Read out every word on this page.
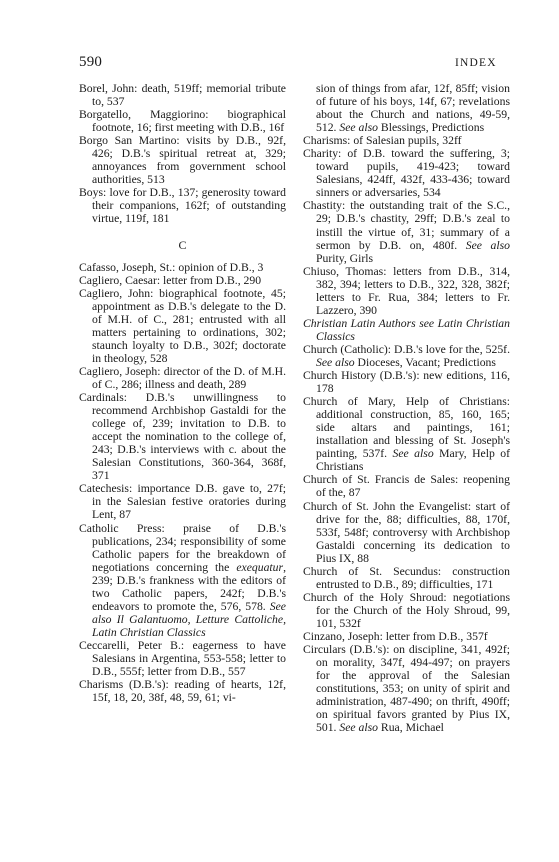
590	INDEX

Borel, John: death, 519ff; memorial tribute to, 537

Borgatello, Maggiorino: biographical footnote, 16; first meeting with D.B., 16f

Borgo San Martino: visits by D.B., 92f, 426; D.B.'s spiritual retreat at, 329; annoyances from government school authorities, 513

Boys: love for D.B., 137; generosity toward their companions, 162f; of outstanding virtue, 119f, 181

C

Cafasso, Joseph, St.: opinion of D.B., 3

Cagliero, Caesar: letter from D.B., 290

Cagliero, John: biographical footnote, 45; appointment as D.B.'s delegate to the D. of M.H. of C., 281; entrusted with all matters pertaining to ordinations, 302; staunch loyalty to D.B., 302f; doctorate in theology, 528

Cagliero, Joseph: director of the D. of M.H. of C., 286; illness and death, 289

Cardinals: D.B.'s unwillingness to recommend Archbishop Gastaldi for the college of, 239; invitation to D.B. to accept the nomination to the college of, 243; D.B.'s interviews with c. about the Salesian Constitutions, 360-364, 368f, 371

Catechesis: importance D.B. gave to, 27f; in the Salesian festive oratories during Lent, 87

Catholic Press: praise of D.B.'s publications, 234; responsibility of some Catholic papers for the breakdown of negotiations concerning the exequatur, 239; D.B.'s frankness with the editors of two Catholic papers, 242f; D.B.'s endeavors to promote the, 576, 578. See also Il Galantuomo, Letture Cattoliche, Latin Christian Classics

Ceccarelli, Peter B.: eagerness to have Salesians in Argentina, 553-558; letter to D.B., 555f; letter from D.B., 557

Charisms (D.B.'s): reading of hearts, 12f, 15f, 18, 20, 38f, 48, 59, 61; vi-

sion of things from afar, 12f, 85ff; vision of future of his boys, 14f, 67; revelations about the Church and nations, 49-59, 512. See also Blessings, Predictions

Charisms: of Salesian pupils, 32ff

Charity: of D.B. toward the suffering, 3; toward pupils, 419-423; toward Salesians, 424ff, 432f, 433-436; toward sinners or adversaries, 534

Chastity: the outstanding trait of the S.C., 29; D.B.'s chastity, 29ff; D.B.'s zeal to instill the virtue of, 31; summary of a sermon by D.B. on, 480f. See also Purity, Girls

Chiuso, Thomas: letters from D.B., 314, 382, 394; letters to D.B., 322, 328, 382f; letters to Fr. Rua, 384; letters to Fr. Lazzero, 390

Christian Latin Authors see Latin Christian Classics

Church (Catholic): D.B.'s love for the, 525f. See also Dioceses, Vacant; Predictions

Church History (D.B.'s): new editions, 116, 178

Church of Mary, Help of Christians: additional construction, 85, 160, 165; side altars and paintings, 161; installation and blessing of St. Joseph's painting, 537f. See also Mary, Help of Christians

Church of St. Francis de Sales: reopening of the, 87

Church of St. John the Evangelist: start of drive for the, 88; difficulties, 88, 170f, 533f, 548f; controversy with Archbishop Gastaldi concerning its dedication to Pius IX, 88

Church of St. Secundus: construction entrusted to D.B., 89; difficulties, 171

Church of the Holy Shroud: negotiations for the Church of the Holy Shroud, 99, 101, 532f

Cinzano, Joseph: letter from D.B., 357f

Circulars (D.B.'s): on discipline, 341, 492f; on morality, 347f, 494-497; on prayers for the approval of the Salesian constitutions, 353; on unity of spirit and administration, 487-490; on thrift, 490ff; on spiritual favors granted by Pius IX, 501. See also Rua, Michael
